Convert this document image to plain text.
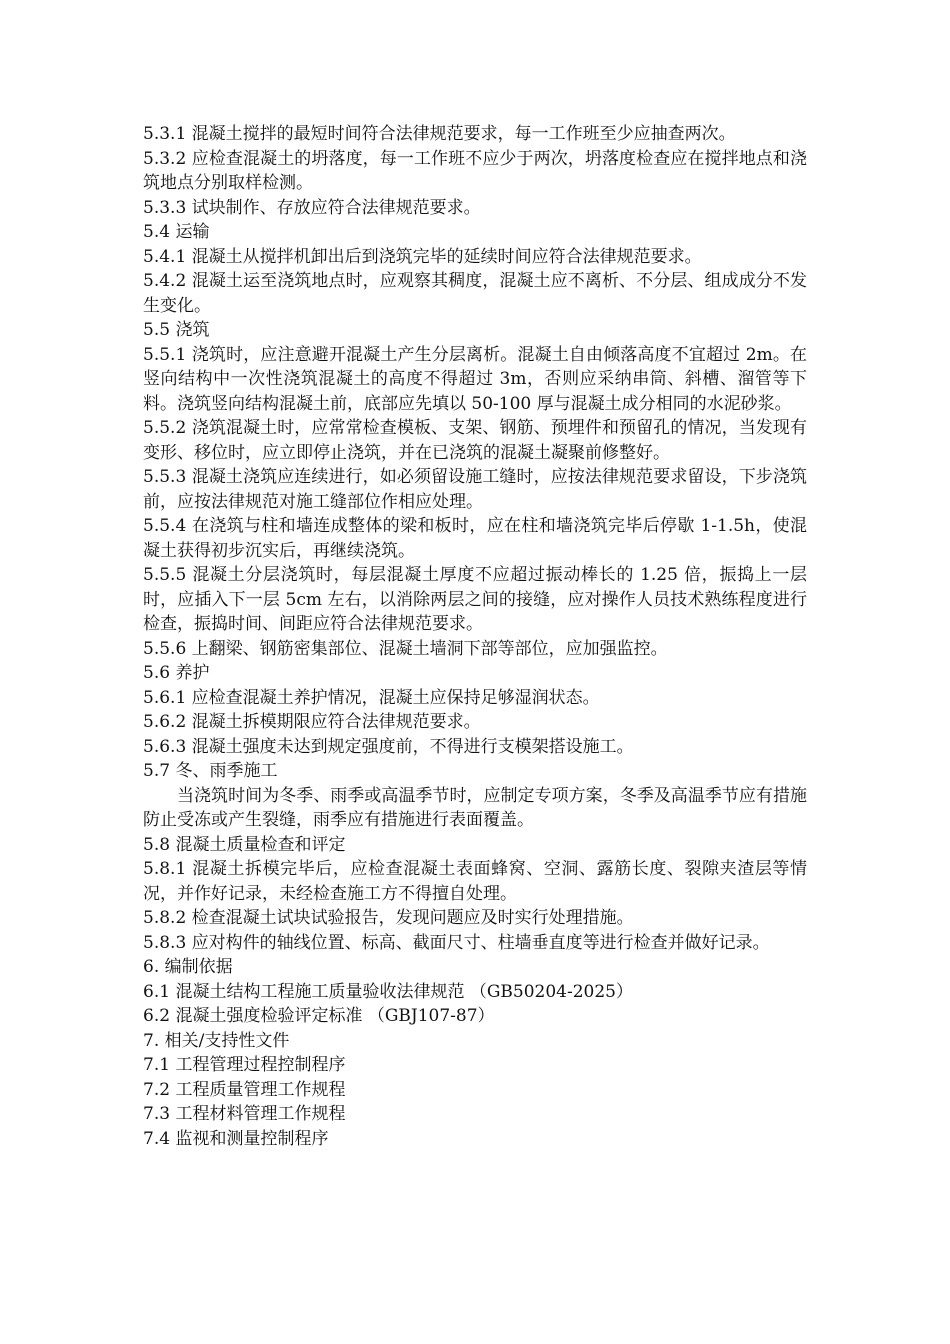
5.3.1 混凝土搅拌的最短时间符合法律规范要求，每一工作班至少应抽查两次。

5.3.2 应检查混凝土的坍落度，每一工作班不应少于两次，坍落度检查应在搅拌地点和浇筑地点分别取样检测。

5.3.3 试块制作、存放应符合法律规范要求。

5.4 运输

5.4.1 混凝土从搅拌机卸出后到浇筑完毕的延续时间应符合法律规范要求。

5.4.2 混凝土运至浇筑地点时，应观察其稠度，混凝土应不离析、不分层、组成成分不发生变化。

5.5 浇筑

5.5.1 浇筑时，应注意避开混凝土产生分层离析。混凝土自由倾落高度不宜超过 2m。在竖向结构中一次性浇筑混凝土的高度不得超过 3m，否则应采纳串筒、斜槽、溜管等下料。浇筑竖向结构混凝土前，底部应先填以 50-100 厚与混凝土成分相同的水泥砂浆。

5.5.2 浇筑混凝土时，应常常检查模板、支架、钢筋、预埋件和预留孔的情况，当发现有变形、移位时，应立即停止浇筑，并在已浇筑的混凝土凝聚前修整好。

5.5.3 混凝土浇筑应连续进行，如必须留设施工缝时，应按法律规范要求留设，下步浇筑前，应按法律规范对施工缝部位作相应处理。

5.5.4 在浇筑与柱和墙连成整体的梁和板时，应在柱和墙浇筑完毕后停歇 1-1.5h，使混凝土获得初步沉实后，再继续浇筑。

5.5.5 混凝土分层浇筑时，每层混凝土厚度不应超过振动棒长的 1.25 倍，振捣上一层时，应插入下一层 5cm 左右，以消除两层之间的接缝，应对操作人员技术熟练程度进行检查，振捣时间、间距应符合法律规范要求。

5.5.6 上翻梁、钢筋密集部位、混凝土墙洞下部等部位，应加强监控。

5.6 养护

5.6.1 应检查混凝土养护情况，混凝土应保持足够湿润状态。

5.6.2 混凝土拆模期限应符合法律规范要求。

5.6.3 混凝土强度未达到规定强度前，不得进行支模架搭设施工。

5.7 冬、雨季施工

当浇筑时间为冬季、雨季或高温季节时，应制定专项方案，冬季及高温季节应有措施防止受冻或产生裂缝，雨季应有措施进行表面覆盖。

5.8 混凝土质量检查和评定

5.8.1 混凝土拆模完毕后，应检查混凝土表面蜂窝、空洞、露筋长度、裂隙夹渣层等情况，并作好记录，未经检查施工方不得擅自处理。

5.8.2 检查混凝土试块试验报告，发现问题应及时实行处理措施。

5.8.3 应对构件的轴线位置、标高、截面尺寸、柱墙垂直度等进行检查并做好记录。

6. 编制依据

6.1 混凝土结构工程施工质量验收法律规范 （GB50204-2025）

6.2 混凝土强度检验评定标准 （GBJ107-87）

7. 相关/支持性文件

7.1 工程管理过程控制程序

7.2 工程质量管理工作规程

7.3 工程材料管理工作规程

7.4 监视和测量控制程序
